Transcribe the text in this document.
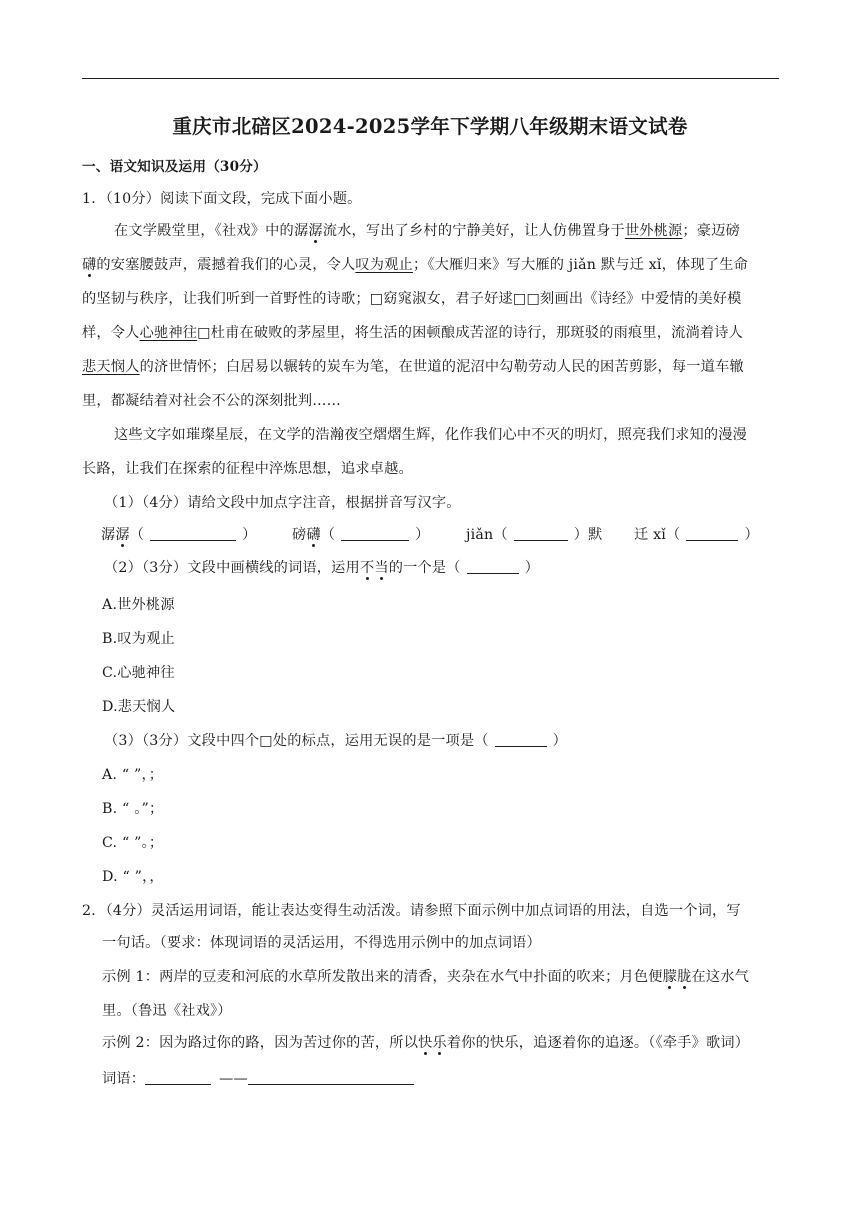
重庆市北碚区2024-2025学年下学期八年级期末语文试卷
一、语文知识及运用（30分）
1．（10分）阅读下面文段，完成下面小题。
在文学殿堂里，《社戏》中的潺潺流水，写出了乡村的宁静美好，让人仿佛置身于世外桃源；豪迈磅
礴的安塞腰鼓声，震撼着我们的心灵，令人叹为观止；《大雁归来》写大雁的 jiǎn 默与迁 xǐ，体现了生命
的坚韧与秩序，让我们听到一首野性的诗歌；□窈窕淑女，君子好逑□□刻画出《诗经》中爱情的美好模
样，令人心驰神往□杜甫在破败的茅屋里，将生活的困顿酿成苦涩的诗行，那斑驳的雨痕里，流淌着诗人
悲天悯人的济世情怀；白居易以辗转的炭车为笔，在世道的泥沼中勾勒劳动人民的困苦剪影，每一道车辙
里，都凝结着对社会不公的深刻批判……
这些文字如璀璨星辰，在文学的浩瀚夜空熠熠生辉，化作我们心中不灭的明灯，照亮我们求知的漫漫
长路，让我们在探索的征程中淬炼思想，追求卓越。
（1）（4分）请给文段中加点字注音，根据拼音写汉字。
潺潺（	） 磅礴（	）	jiǎn（	）默 迁 xǐ（	）
（2）（3分）文段中画横线的词语，运用不当的一个是（	）
A.世外桃源
B.叹为观止
C.心驰神往
D.悲天悯人
（3）（3分）文段中四个□处的标点，运用无误的是一项是（	）
A. “ ”，；
B. “ 。”；
C. “ ”。；
D. “ ”，，
2．（4分）灵活运用词语，能让表达变得生动活泼。请参照下面示例中加点词语的用法，自选一个词，写
一句话。（要求：体现词语的灵活运用，不得选用示例中的加点词语）
示例 1：两岸的豆麦和河底的水草所发散出来的清香，夹杂在水气中扑面的吹来；月色便朦胧在这水气
里。（鲁迅《社戏》）
示例 2：因为路过你的路，因为苦过你的苦，所以快乐着你的快乐，追逐着你的追逐。（《牵手》歌词）
词语：	——
